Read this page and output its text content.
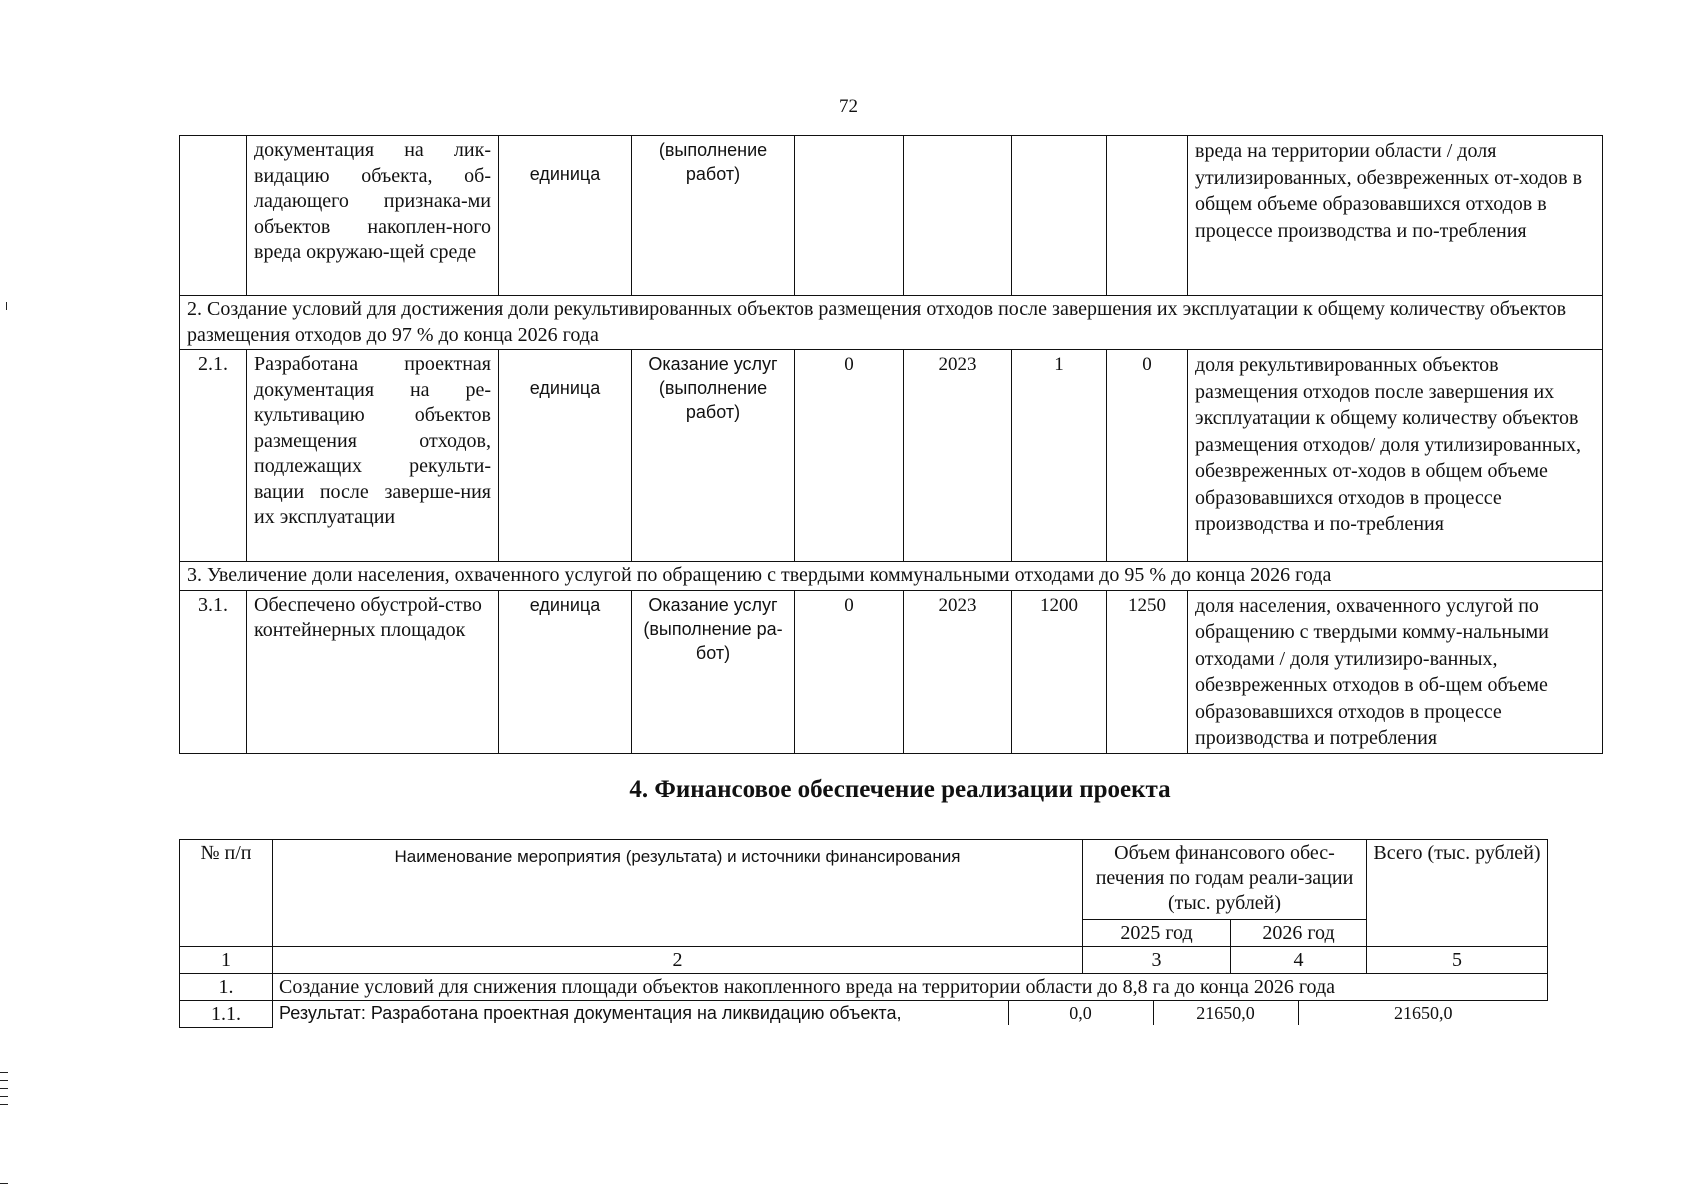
72
	документация на лик-видацию объекта, об-ладающего признака-ми объектов накоплен-ного вреда окружаю-щей среде	единица	(выполнение работ)					вреда на территории области / доля утилизированных, обезвреженных от-ходов в общем объеме образовавшихся отходов в процессе производства и по-требления
2. Создание условий для достижения доли рекультивированных объектов размещения отходов после завершения их эксплуатации к общему количеству объектов размещения отходов до 97 % до конца 2026 года								
2.1.	Разработана проектная документация на ре-культивацию объектов размещения отходов, подлежащих рекульти-вации после заверше-ния их эксплуатации	единица	Оказание услуг (выполнение работ)	0	2023	1	0	доля рекультивированных объектов размещения отходов после завершения их эксплуатации к общему количеству объектов размещения отходов/ доля утилизированных, обезвреженных от-ходов в общем объеме образовавшихся отходов в процессе производства и по-требления
3. Увеличение доли населения, охваченного услугой по обращению с твердыми коммунальными отходами до 95 % до конца 2026 года								
3.1.	Обеспечено обустрой-ство контейнерных площадок	единица	Оказание услуг (выполнение ра-бот)	0	2023	1200	1250	доля населения, охваченного услугой по обращению с твердыми комму-нальными отходами / доля утилизиро-ванных, обезвреженных отходов в об-щем объеме образовавшихся отходов в процессе производства и потребления
4. Финансовое обеспечение реализации проекта
№ п/п	Наименование мероприятия (результата) и источники финансирования	Объем финансового обес-печения по годам реали-зации (тыс. рублей)	Всего (тыс. рублей)
2025 год	2026 год
1	2	3	4	5
1.	Создание условий для снижения площади объектов накопленного вреда на территории области до 8,8 га до конца 2026 года
1.1.	Результат: Разработана проектная документация на ликвидацию объекта,	0,0	21650,0	21650,0
